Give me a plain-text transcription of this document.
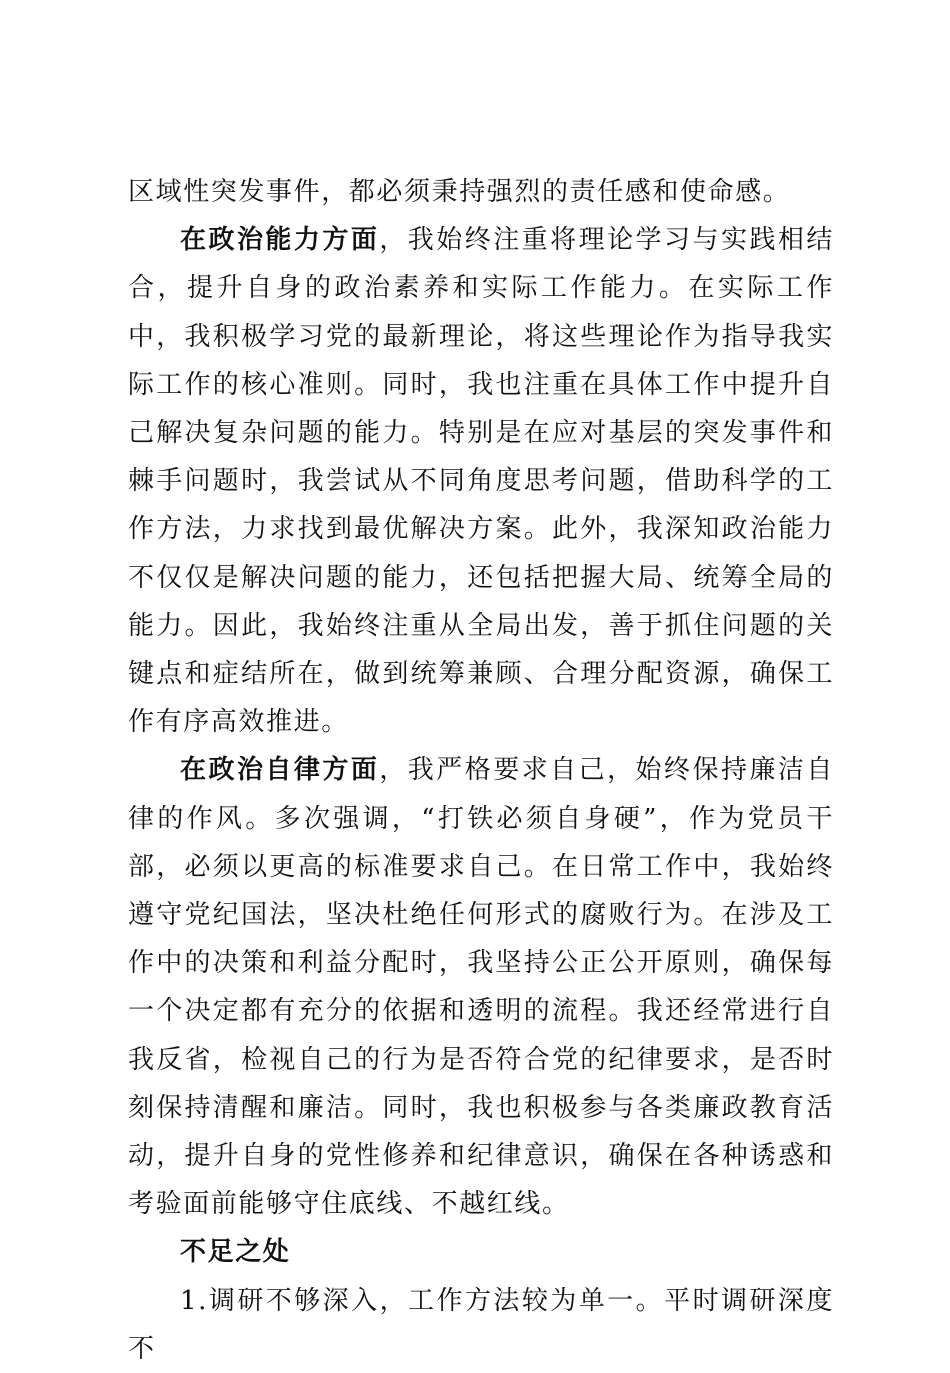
区域性突发事件，都必须秉持强烈的责任感和使命感。

在政治能力方面，我始终注重将理论学习与实践相结合，提升自身的政治素养和实际工作能力。在实际工作中，我积极学习党的最新理论，将这些理论作为指导我实际工作的核心准则。同时，我也注重在具体工作中提升自己解决复杂问题的能力。特别是在应对基层的突发事件和棘手问题时，我尝试从不同角度思考问题，借助科学的工作方法，力求找到最优解决方案。此外，我深知政治能力不仅仅是解决问题的能力，还包括把握大局、统筹全局的能力。因此，我始终注重从全局出发，善于抓住问题的关键点和症结所在，做到统筹兼顾、合理分配资源，确保工作有序高效推进。

在政治自律方面，我严格要求自己，始终保持廉洁自律的作风。多次强调，“打铁必须自身硬”，作为党员干部，必须以更高的标准要求自己。在日常工作中，我始终遵守党纪国法，坚决杜绝任何形式的腐败行为。在涉及工作中的决策和利益分配时，我坚持公正公开原则，确保每一个决定都有充分的依据和透明的流程。我还经常进行自我反省，检视自己的行为是否符合党的纪律要求，是否时刻保持清醒和廉洁。同时，我也积极参与各类廉政教育活动，提升自身的党性修养和纪律意识，确保在各种诱惑和考验面前能够守住底线、不越红线。

不足之处

1.调研不够深入，工作方法较为单一。平时调研深度不
